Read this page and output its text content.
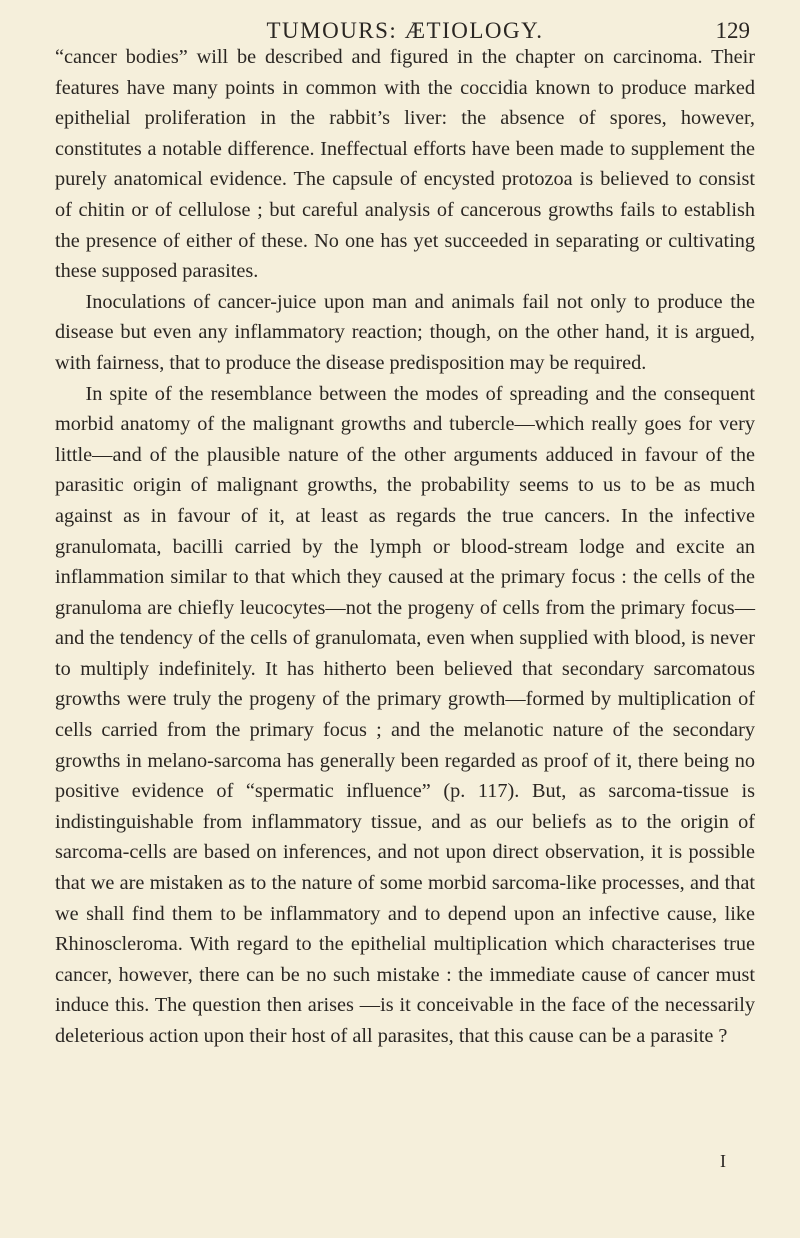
TUMOURS: ÆTIOLOGY.	129

“cancer bodies” will be described and figured in the chapter on carcinoma. Their features have many points in common with the coccidia known to produce marked epithelial proliferation in the rabbit’s liver: the absence of spores, however, constitutes a notable difference. Ineffectual efforts have been made to supplement the purely anatomical evidence. The capsule of encysted protozoa is believed to consist of chitin or of cellulose ; but careful analysis of cancerous growths fails to establish the presence of either of these. No one has yet succeeded in separating or cultivating these supposed parasites.

Inoculations of cancer-juice upon man and animals fail not only to produce the disease but even any inflammatory reaction; though, on the other hand, it is argued, with fairness, that to produce the disease predisposition may be required.

In spite of the resemblance between the modes of spreading and the consequent morbid anatomy of the malignant growths and tubercle—which really goes for very little—and of the plausible nature of the other arguments adduced in favour of the parasitic origin of malignant growths, the probability seems to us to be as much against as in favour of it, at least as regards the true cancers. In the infective granulomata, bacilli carried by the lymph or blood-stream lodge and excite an inflammation similar to that which they caused at the primary focus : the cells of the granuloma are chiefly leucocytes—not the progeny of cells from the primary focus—and the tendency of the cells of granulomata, even when supplied with blood, is never to multiply indefinitely. It has hitherto been believed that secondary sarcomatous growths were truly the progeny of the primary growth—formed by multiplication of cells carried from the primary focus ; and the melanotic nature of the secondary growths in melano-sarcoma has generally been regarded as proof of it, there being no positive evidence of “spermatic influence” (p. 117). But, as sarcoma-tissue is indistinguishable from inflammatory tissue, and as our beliefs as to the origin of sarcoma-cells are based on inferences, and not upon direct observation, it is possible that we are mistaken as to the nature of some morbid sarcoma-like processes, and that we shall find them to be inflammatory and to depend upon an infective cause, like Rhinoscleroma. With regard to the epithelial multiplication which characterises true cancer, however, there can be no such mistake : the immediate cause of cancer must induce this. The question then arises —is it conceivable in the face of the necessarily deleterious action upon their host of all parasites, that this cause can be a parasite ?

I
